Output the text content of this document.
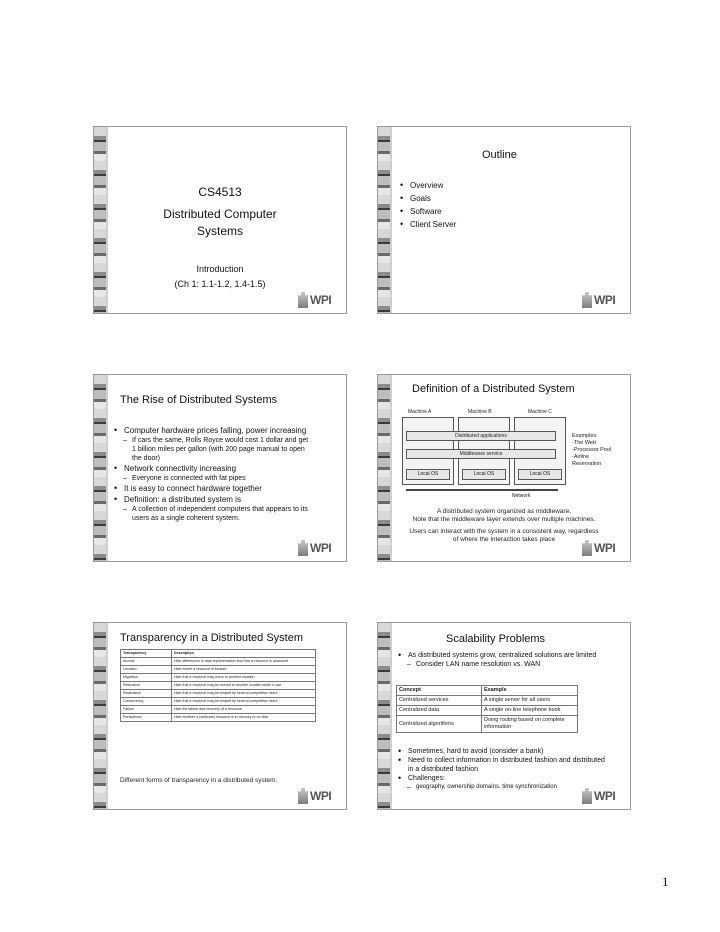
CS4513
Distributed Computer
Systems
Introduction
(Ch 1: 1.1-1.2, 1.4-1.5)
WPI
Outline
• Overview
• Goals
• Software
• Client Server
WPI
The Rise of Distributed Systems
• Computer hardware prices falling, power increasing
– If cars the same, Rolls Royce would cost 1 dollar and get 1 billion miles per gallon (with 200 page manual to open the door)
• Network connectivity increasing
– Everyone is connected with fat pipes
• It is easy to connect hardware together
• Definition: a distributed system is
– A collection of independent computers that appears to its users as a single coherent system.
WPI
Definition of a Distributed System
Machine A	Machine B	Machine C
Distributed applications
Middleware service
Local OS	Local OS	Local OS
Network
Examples:
-The Web
-Processor Pool
-Airline
Reservation
A distributed system organized as middleware.
Note that the middleware layer extends over multiple machines.
Users can interact with the system in a consistent way, regardless
of where the interaction takes place
WPI
Transparency in a Distributed System
Transparency	Description
Access	Hide differences in data representation and how a resource is accessed
Location	Hide where a resource is located
Migration	Hide that a resource may move to another location
Relocation	Hide that a resource may be moved to another location while in use
Replication	Hide that a resource may be shared by several competitive users
Concurrency	Hide that a resource may be shared by several competitive users
Failure	Hide the failure and recovery of a resource
Persistence	Hide whether a (software) resource is in memory or on disk
Different forms of transparency in a distributed system.
WPI
Scalability Problems
• As distributed systems grow, centralized solutions are limited
– Consider LAN name resolution vs. WAN
Concept	Example
Centralized services	A single server for all users
Centralized data	A single on-line telephone book
Centralized algorithms	Doing routing based on complete information
• Sometimes, hard to avoid (consider a bank)
• Need to collect information in distributed fashion and distributed in a distributed fashion
• Challenges:
– geography, ownership domains, time synchronization
WPI
1
